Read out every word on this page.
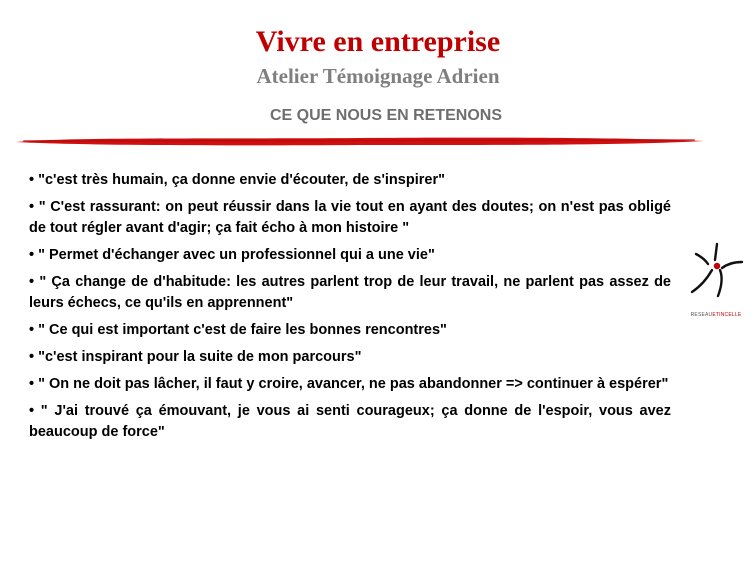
Vivre en entreprise
Atelier Témoignage Adrien
CE QUE NOUS EN RETENONS
• "c'est très humain, ça donne envie d'écouter, de s'inspirer"
• " C'est rassurant: on peut réussir dans la vie tout en ayant des doutes; on n'est pas obligé de tout régler avant d'agir; ça fait écho à mon histoire "
• " Permet d'échanger avec un professionnel qui a une vie"
• " Ça change de d'habitude: les autres parlent trop de leur travail, ne parlent pas assez de leurs échecs, ce qu'ils en apprennent"
• " Ce qui est important c'est de faire les bonnes rencontres"
• "c'est inspirant pour la suite de mon parcours"
• " On ne doit pas lâcher, il faut y croire, avancer, ne pas abandonner => continuer à espérer"
• " J'ai trouvé ça émouvant, je vous ai senti courageux; ça donne de l'espoir, vous avez beaucoup de force"
RESEAUETINCELLE
